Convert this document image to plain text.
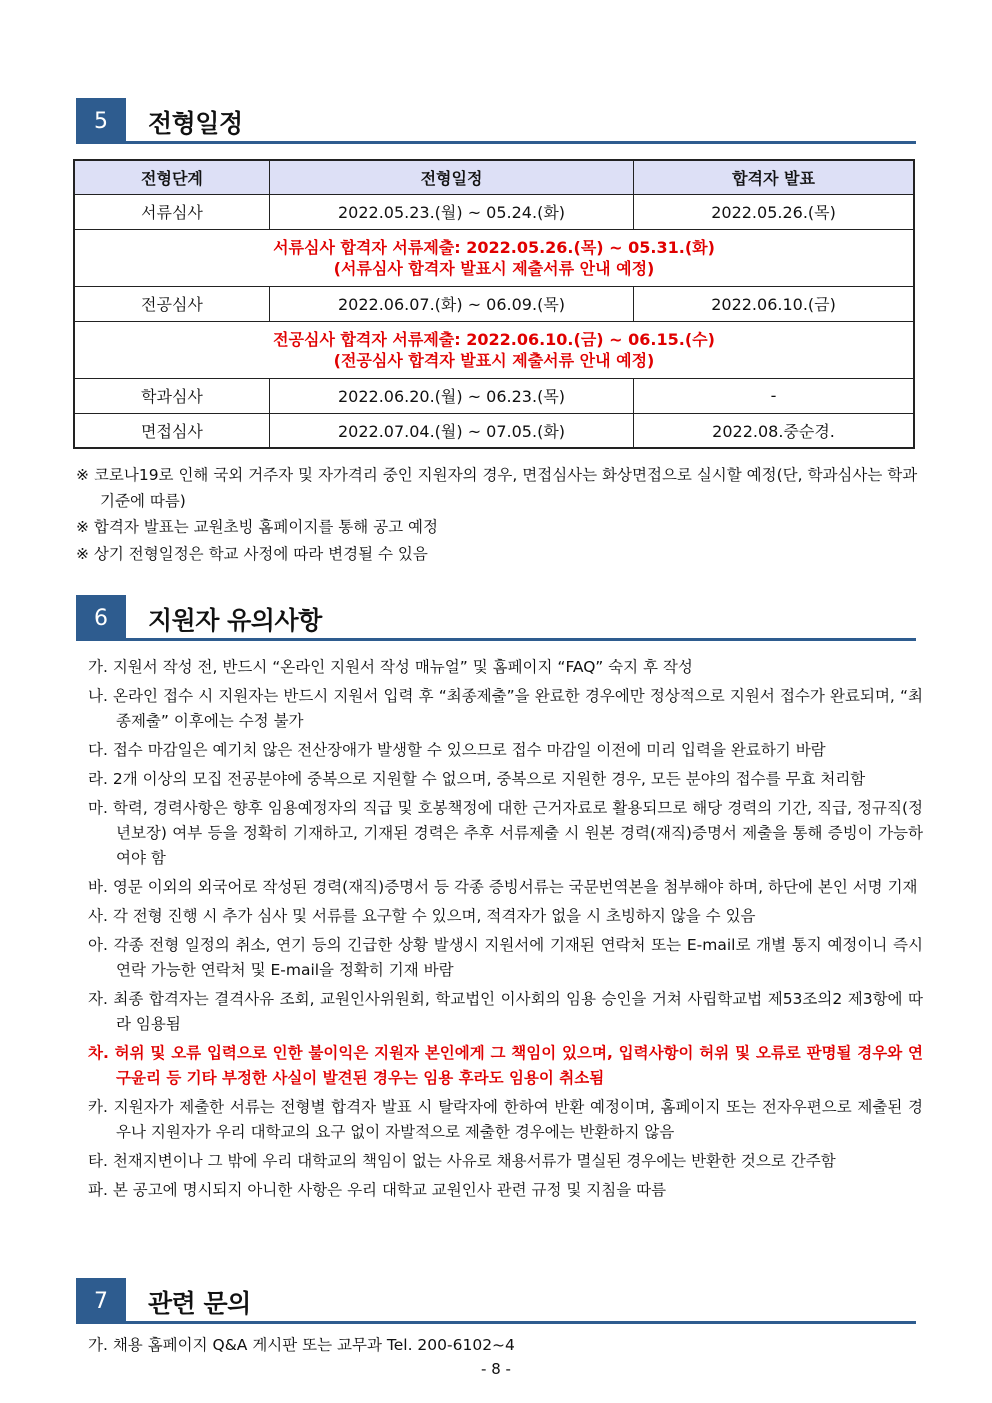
5	전형일정
전형단계	전형일정	합격자 발표
서류심사	2022.05.23.(월) ~ 05.24.(화)	2022.05.26.(목)

서류심사 합격자 서류제출: 2022.05.26.(목) ~ 05.31.(화)
(서류심사 합격자 발표시 제출서류 안내 예정)		

전공심사	2022.06.07.(화) ~ 06.09.(목)	2022.06.10.(금)

전공심사 합격자 서류제출: 2022.06.10.(금) ~ 06.15.(수)
(전공심사 합격자 발표시 제출서류 안내 예정)		

학과심사	2022.06.20.(월) ~ 06.23.(목)	-
면접심사	2022.07.04.(월) ~ 07.05.(화)	2022.08.중순경.
※ 코로나19로 인해 국외 거주자 및 자가격리 중인 지원자의 경우, 면접심사는 화상면접으로 실시할 예정(단, 학과심사는 학과 기준에 따름)
※ 합격자 발표는 교원초빙 홈페이지를 통해 공고 예정
※ 상기 전형일정은 학교 사정에 따라 변경될 수 있음
6	지원자 유의사항
가. 지원서 작성 전, 반드시 “온라인 지원서 작성 매뉴얼” 및 홈페이지 “FAQ” 숙지 후 작성
나. 온라인 접수 시 지원자는 반드시 지원서 입력 후 “최종제출”을 완료한 경우에만 정상적으로 지원서 접수가 완료되며, “최종제출” 이후에는 수정 불가
다. 접수 마감일은 예기치 않은 전산장애가 발생할 수 있으므로 접수 마감일 이전에 미리 입력을 완료하기 바람
라. 2개 이상의 모집 전공분야에 중복으로 지원할 수 없으며, 중복으로 지원한 경우, 모든 분야의 접수를 무효 처리함
마. 학력, 경력사항은 향후 임용예정자의 직급 및 호봉책정에 대한 근거자료로 활용되므로 해당 경력의 기간, 직급, 정규직(정년보장) 여부 등을 정확히 기재하고, 기재된 경력은 추후 서류제출 시 원본 경력(재직)증명서 제출을 통해 증빙이 가능하여야 함
바. 영문 이외의 외국어로 작성된 경력(재직)증명서 등 각종 증빙서류는 국문번역본을 첨부해야 하며, 하단에 본인 서명 기재
사. 각 전형 진행 시 추가 심사 및 서류를 요구할 수 있으며, 적격자가 없을 시 초빙하지 않을 수 있음
아. 각종 전형 일정의 취소, 연기 등의 긴급한 상황 발생시 지원서에 기재된 연락처 또는 E-mail로 개별 통지 예정이니 즉시 연락 가능한 연락처 및 E-mail을 정확히 기재 바람
자. 최종 합격자는 결격사유 조회, 교원인사위원회, 학교법인 이사회의 임용 승인을 거쳐 사립학교법 제53조의2 제3항에 따라 임용됨
차. 허위 및 오류 입력으로 인한 불이익은 지원자 본인에게 그 책임이 있으며, 입력사항이 허위 및 오류로 판명될 경우와 연구윤리 등 기타 부정한 사실이 발견된 경우는 임용 후라도 임용이 취소됨
카. 지원자가 제출한 서류는 전형별 합격자 발표 시 탈락자에 한하여 반환 예정이며, 홈페이지 또는 전자우편으로 제출된 경우나 지원자가 우리 대학교의 요구 없이 자발적으로 제출한 경우에는 반환하지 않음
타. 천재지변이나 그 밖에 우리 대학교의 책임이 없는 사유로 채용서류가 멸실된 경우에는 반환한 것으로 간주함
파. 본 공고에 명시되지 아니한 사항은 우리 대학교 교원인사 관련 규정 및 지침을 따름
7	관련 문의
가. 채용 홈페이지 Q&A 게시판 또는 교무과 Tel. 200-6102~4
- 8 -
